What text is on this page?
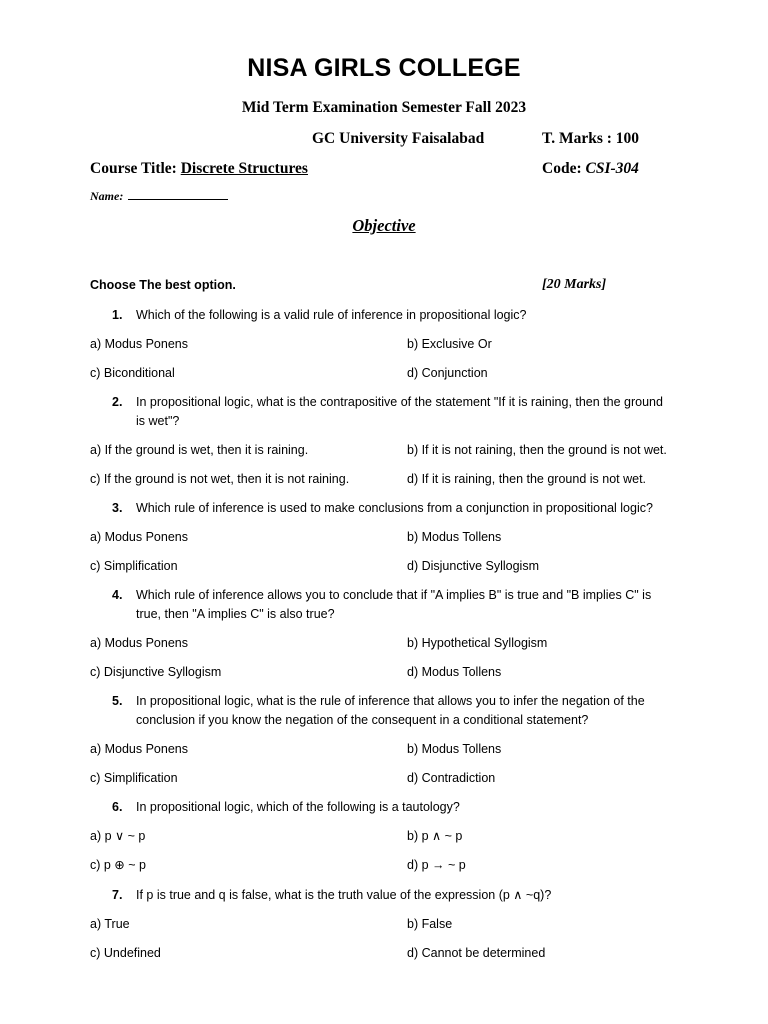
NISA GIRLS COLLEGE
Mid Term Examination Semester Fall 2023
GC University Faisalabad	T. Marks : 100
Course Title: Discrete Structures	Code: CSI-304
Name:
Objective
Choose The best option.	[20 Marks]
1.	Which of the following is a valid rule of inference in propositional logic?
a) Modus Ponens	b) Exclusive Or
c) Biconditional	d) Conjunction
2.	In propositional logic, what is the contrapositive of the statement "If it is raining, then the ground is wet"?
a) If the ground is wet, then it is raining.	b) If it is not raining, then the ground is not wet.
c) If the ground is not wet, then it is not raining.	d) If it is raining, then the ground is not wet.
3.	Which rule of inference is used to make conclusions from a conjunction in propositional logic?
a) Modus Ponens	b) Modus Tollens
c) Simplification	d) Disjunctive Syllogism
4.	Which rule of inference allows you to conclude that if "A implies B" is true and "B implies C" is true, then "A implies C" is also true?
a) Modus Ponens	b) Hypothetical Syllogism
c) Disjunctive Syllogism	d) Modus Tollens
5.	In propositional logic, what is the rule of inference that allows you to infer the negation of the conclusion if you know the negation of the consequent in a conditional statement?
a) Modus Ponens	b) Modus Tollens
c) Simplification	d) Contradiction
6.	In propositional logic, which of the following is a tautology?
a) p ∨ ~ p	b) p ∧ ~ p
c) p ⊕ ~ p	d) p → ~ p
7.	If p is true and q is false, what is the truth value of the expression (p ∧ ~q)?
a) True	b) False
c) Undefined	d) Cannot be determined
